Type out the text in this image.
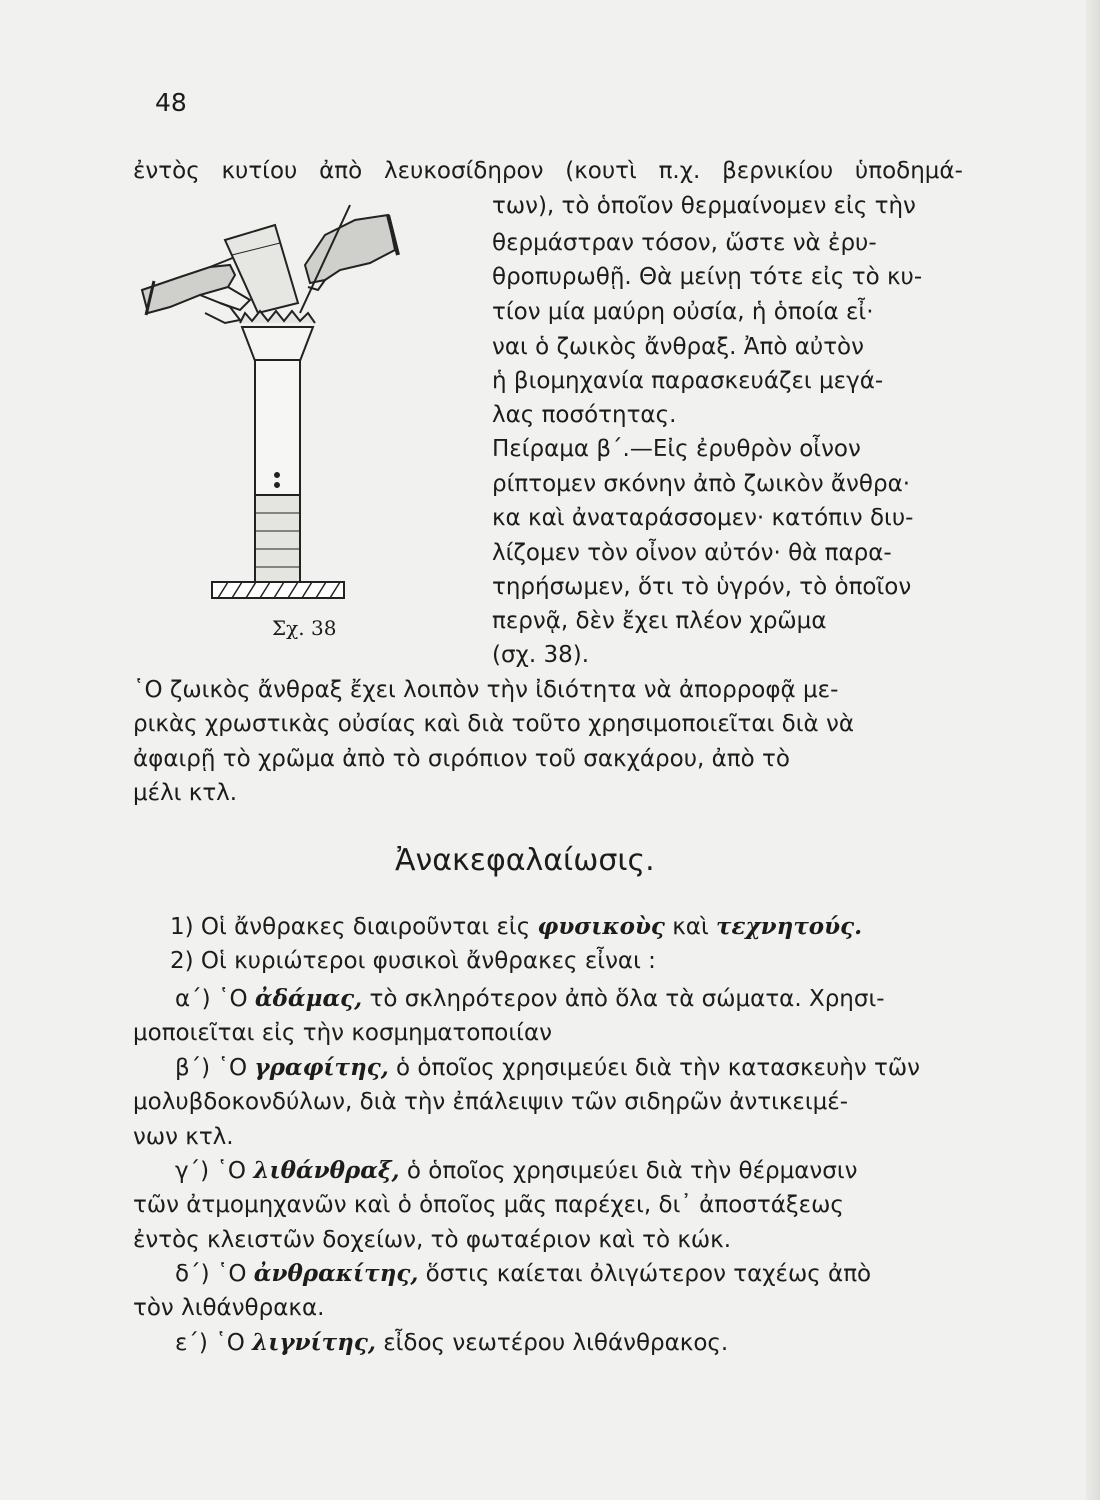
48
ἐντὸς κυτίου ἀπὸ λευκοσίδηρον (κουτὶ π.χ. βερνικίου ὑποδημά-
Σχ. 38
των), τὸ ὁποῖον θερμαίνομεν εἰς τὴν
θερμάστραν τόσον, ὥστε νὰ ἐρυ-
θροπυρωθῇ. Θὰ μείνῃ τότε εἰς τὸ κυ-
τίον μία μαύρη οὐσία, ἡ ὁποία εἶ·
ναι ὁ ζωικὸς ἄνθραξ. Ἀπὸ αὐτὸν
ἡ βιομηχανία παρασκευάζει μεγά-
λας ποσότητας.
Πείραμα β΄.—Εἰς ἐρυθρὸν οἶνον
ρίπτομεν σκόνην ἀπὸ ζωικὸν ἄνθρα·
κα καὶ ἀναταράσσομεν· κατόπιν διυ-
λίζομεν τὸν οἶνον αὐτόν· θὰ παρα-
τηρήσωμεν, ὅτι τὸ ὑγρόν, τὸ ὁποῖον
περνᾷ, δὲν ἔχει πλέον χρῶμα
(σχ. 38).
῾Ο ζωικὸς ἄνθραξ ἔχει λοιπὸν τὴν ἰδιότητα νὰ ἀπορροφᾷ με-
ρικὰς χρωστικὰς οὐσίας καὶ διὰ τοῦτο χρησιμοποιεῖται διὰ νὰ
ἀφαιρῇ τὸ χρῶμα ἀπὸ τὸ σιρόπιον τοῦ σακχάρου, ἀπὸ τὸ
μέλι κτλ.
Ἀνακεφαλαίωσις.
1) Οἱ ἄνθρακες διαιροῦνται εἰς
φυσικοὺς
καὶ
τεχνητούς.
2) Οἱ κυριώτεροι φυσικοὶ ἄνθρακες εἶναι :
α΄) ῾Ο
ἀδάμας,
τὸ σκληρότερον ἀπὸ ὅλα τὰ σώματα. Χρησι-
μοποιεῖται εἰς τὴν κοσμηματοποιίαν
β΄) ῾Ο
γραφίτης,
ὁ ὁποῖος χρησιμεύει διὰ τὴν κατασκευὴν τῶν
μολυβδοκονδύλων, διὰ τὴν ἐπάλειψιν τῶν σιδηρῶν ἀντικειμέ-
νων κτλ.
γ΄) ῾Ο
λιθάνθραξ,
ὁ ὁποῖος χρησιμεύει διὰ τὴν θέρμανσιν
τῶν ἀτμομηχανῶν καὶ ὁ ὁποῖος μᾶς παρέχει, δι᾽ ἀποστάξεως
ἐντὸς κλειστῶν δοχείων, τὸ φωταέριον καὶ τὸ κώκ.
δ΄) ῾Ο
ἀνθρακίτης,
ὅστις καίεται ὀλιγώτερον ταχέως ἀπὸ
τὸν λιθάνθρακα.
ε΄) ῾Ο
λιγνίτης,
εἶδος νεωτέρου λιθάνθρακος.
